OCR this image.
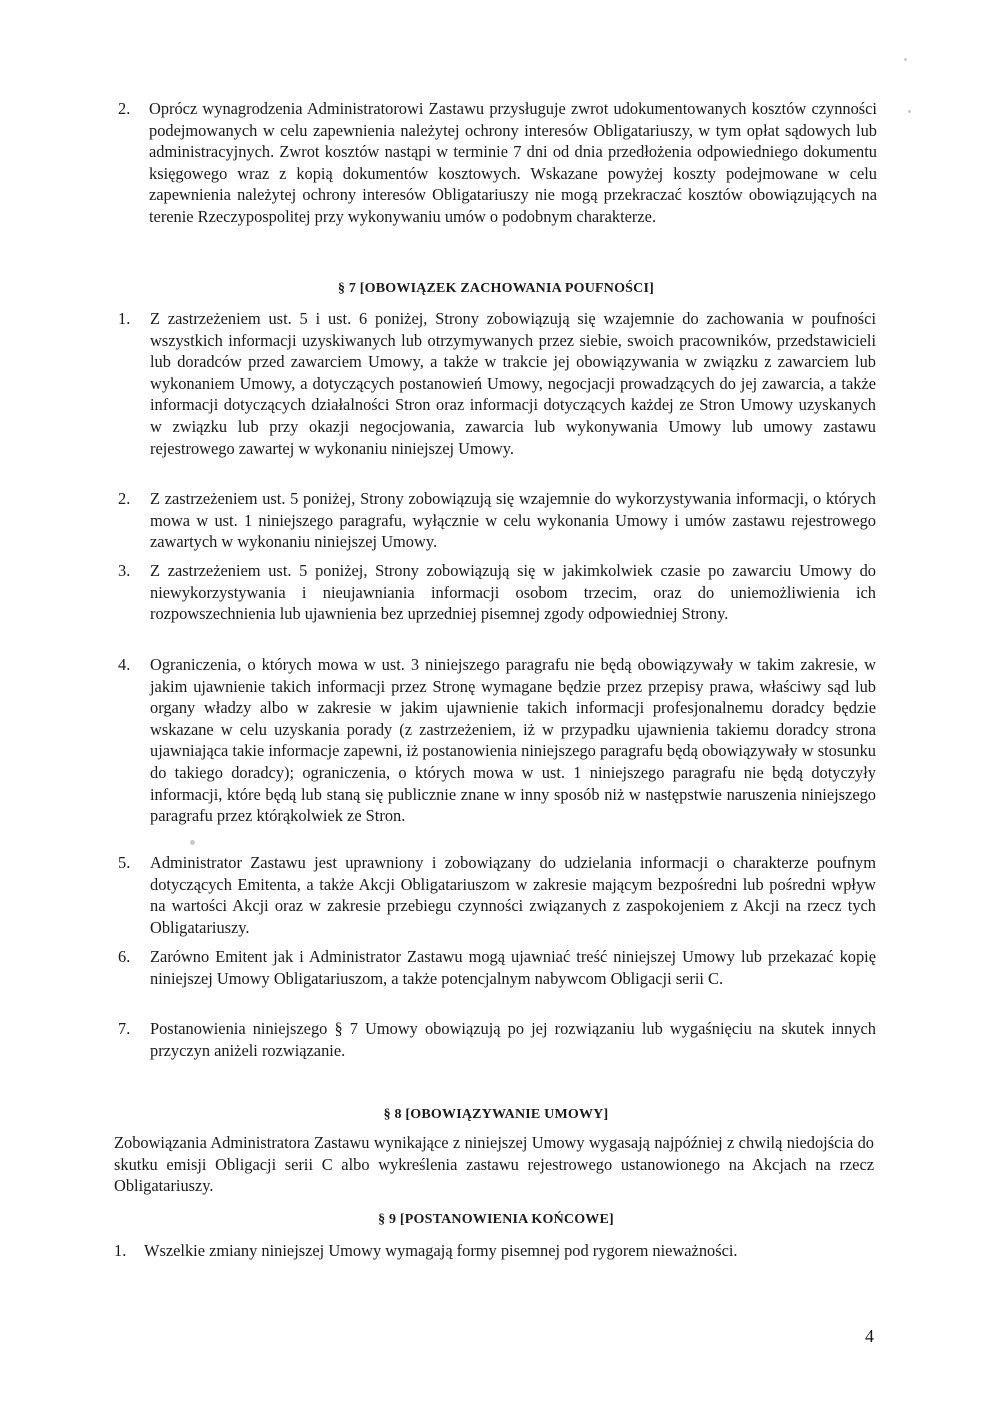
2. Oprócz wynagrodzenia Administratorowi Zastawu przysługuje zwrot udokumentowanych kosztów czynności podejmowanych w celu zapewnienia należytej ochrony interesów Obligatariuszy, w tym opłat sądowych lub administracyjnych. Zwrot kosztów nastąpi w terminie 7 dni od dnia przedłożenia odpowiedniego dokumentu księgowego wraz z kopią dokumentów kosztowych. Wskazane powyżej koszty podejmowane w celu zapewnienia należytej ochrony interesów Obligatariuszy nie mogą przekraczać kosztów obowiązujących na terenie Rzeczypospolitej przy wykonywaniu umów o podobnym charakterze.

§ 7 [OBOWIĄZEK ZACHOWANIA POUFNOŚCI]
1. Z zastrzeżeniem ust. 5 i ust. 6 poniżej, Strony zobowiązują się wzajemnie do zachowania w poufności wszystkich informacji uzyskiwanych lub otrzymywanych przez siebie, swoich pracowników, przedstawicieli lub doradców przed zawarciem Umowy, a także w trakcie jej obowiązywania w związku z zawarciem lub wykonaniem Umowy, a dotyczących postanowień Umowy, negocjacji prowadzących do jej zawarcia, a także informacji dotyczących działalności Stron oraz informacji dotyczących każdej ze Stron Umowy uzyskanych w związku lub przy okazji negocjowania, zawarcia lub wykonywania Umowy lub umowy zastawu rejestrowego zawartej w wykonaniu niniejszej Umowy.

2. Z zastrzeżeniem ust. 5 poniżej, Strony zobowiązują się wzajemnie do wykorzystywania informacji, o których mowa w ust. 1 niniejszego paragrafu, wyłącznie w celu wykonania Umowy i umów zastawu rejestrowego zawartych w wykonaniu niniejszej Umowy.

3. Z zastrzeżeniem ust. 5 poniżej, Strony zobowiązują się w jakimkolwiek czasie po zawarciu Umowy do niewykorzystywania i nieujawniania informacji osobom trzecim, oraz do uniemożliwienia ich rozpowszechnienia lub ujawnienia bez uprzedniej pisemnej zgody odpowiedniej Strony.

4. Ograniczenia, o których mowa w ust. 3 niniejszego paragrafu nie będą obowiązywały w takim zakresie, w jakim ujawnienie takich informacji przez Stronę wymagane będzie przez przepisy prawa, właściwy sąd lub organy władzy albo w zakresie w jakim ujawnienie takich informacji profesjonalnemu doradcy będzie wskazane w celu uzyskania porady (z zastrzeżeniem, iż w przypadku ujawnienia takiemu doradcy strona ujawniająca takie informacje zapewni, iż postanowienia niniejszego paragrafu będą obowiązywały w stosunku do takiego doradcy); ograniczenia, o których mowa w ust. 1 niniejszego paragrafu nie będą dotyczyły informacji, które będą lub staną się publicznie znane w inny sposób niż w następstwie naruszenia niniejszego paragrafu przez którąkolwiek ze Stron.

5. Administrator Zastawu jest uprawniony i zobowiązany do udzielania informacji o charakterze poufnym dotyczących Emitenta, a także Akcji Obligatariuszom w zakresie mającym bezpośredni lub pośredni wpływ na wartości Akcji oraz w zakresie przebiegu czynności związanych z zaspokojeniem z Akcji na rzecz tych Obligatariuszy.

6. Zarówno Emitent jak i Administrator Zastawu mogą ujawniać treść niniejszej Umowy lub przekazać kopię niniejszej Umowy Obligatariuszom, a także potencjalnym nabywcom Obligacji serii C.

7. Postanowienia niniejszego § 7 Umowy obowiązują po jej rozwiązaniu lub wygaśnięciu na skutek innych przyczyn aniżeli rozwiązanie.

§ 8 [OBOWIĄZYWANIE UMOWY]

Zobowiązania Administratora Zastawu wynikające z niniejszej Umowy wygasają najpóźniej z chwilą niedojścia do skutku emisji Obligacji serii C albo wykreślenia zastawu rejestrowego ustanowionego na Akcjach na rzecz Obligatariuszy.

§ 9 [POSTANOWIENIA KOŃCOWE]
1. Wszelkie zmiany niniejszej Umowy wymagają formy pisemnej pod rygorem nieważności.

4
